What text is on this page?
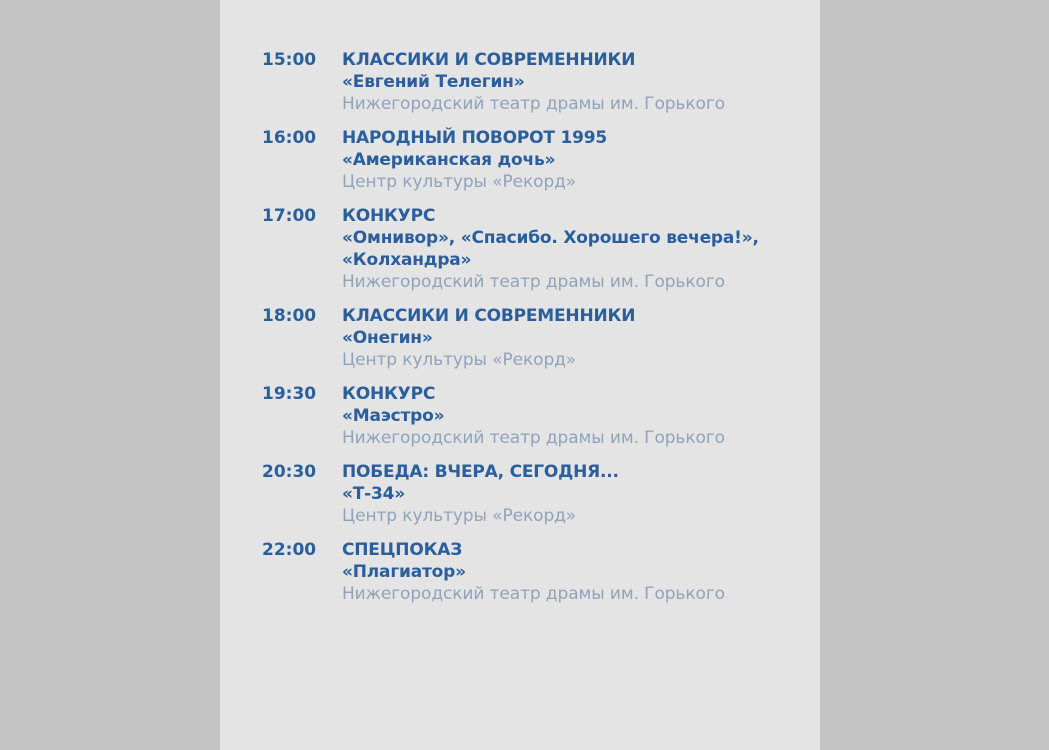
15:00 КЛАССИКИ И СОВРЕМЕННИКИ
«Евгений Телегин»
Нижегородский театр драмы им. Горького
16:00 НАРОДНЫЙ ПОВОРОТ 1995
«Американская дочь»
Центр культуры «Рекорд»
17:00 КОНКУРС
«Омнивор», «Спасибо. Хорошего вечера!»,
«Колхандра»
Нижегородский театр драмы им. Горького
18:00 КЛАССИКИ И СОВРЕМЕННИКИ
«Онегин»
Центр культуры «Рекорд»
19:30 КОНКУРС
«Маэстро»
Нижегородский театр драмы им. Горького
20:30 ПОБЕДА: ВЧЕРА, СЕГОДНЯ...
«Т-34»
Центр культуры «Рекорд»
22:00 СПЕЦПОКАЗ
«Плагиатор»
Нижегородский театр драмы им. Горького
